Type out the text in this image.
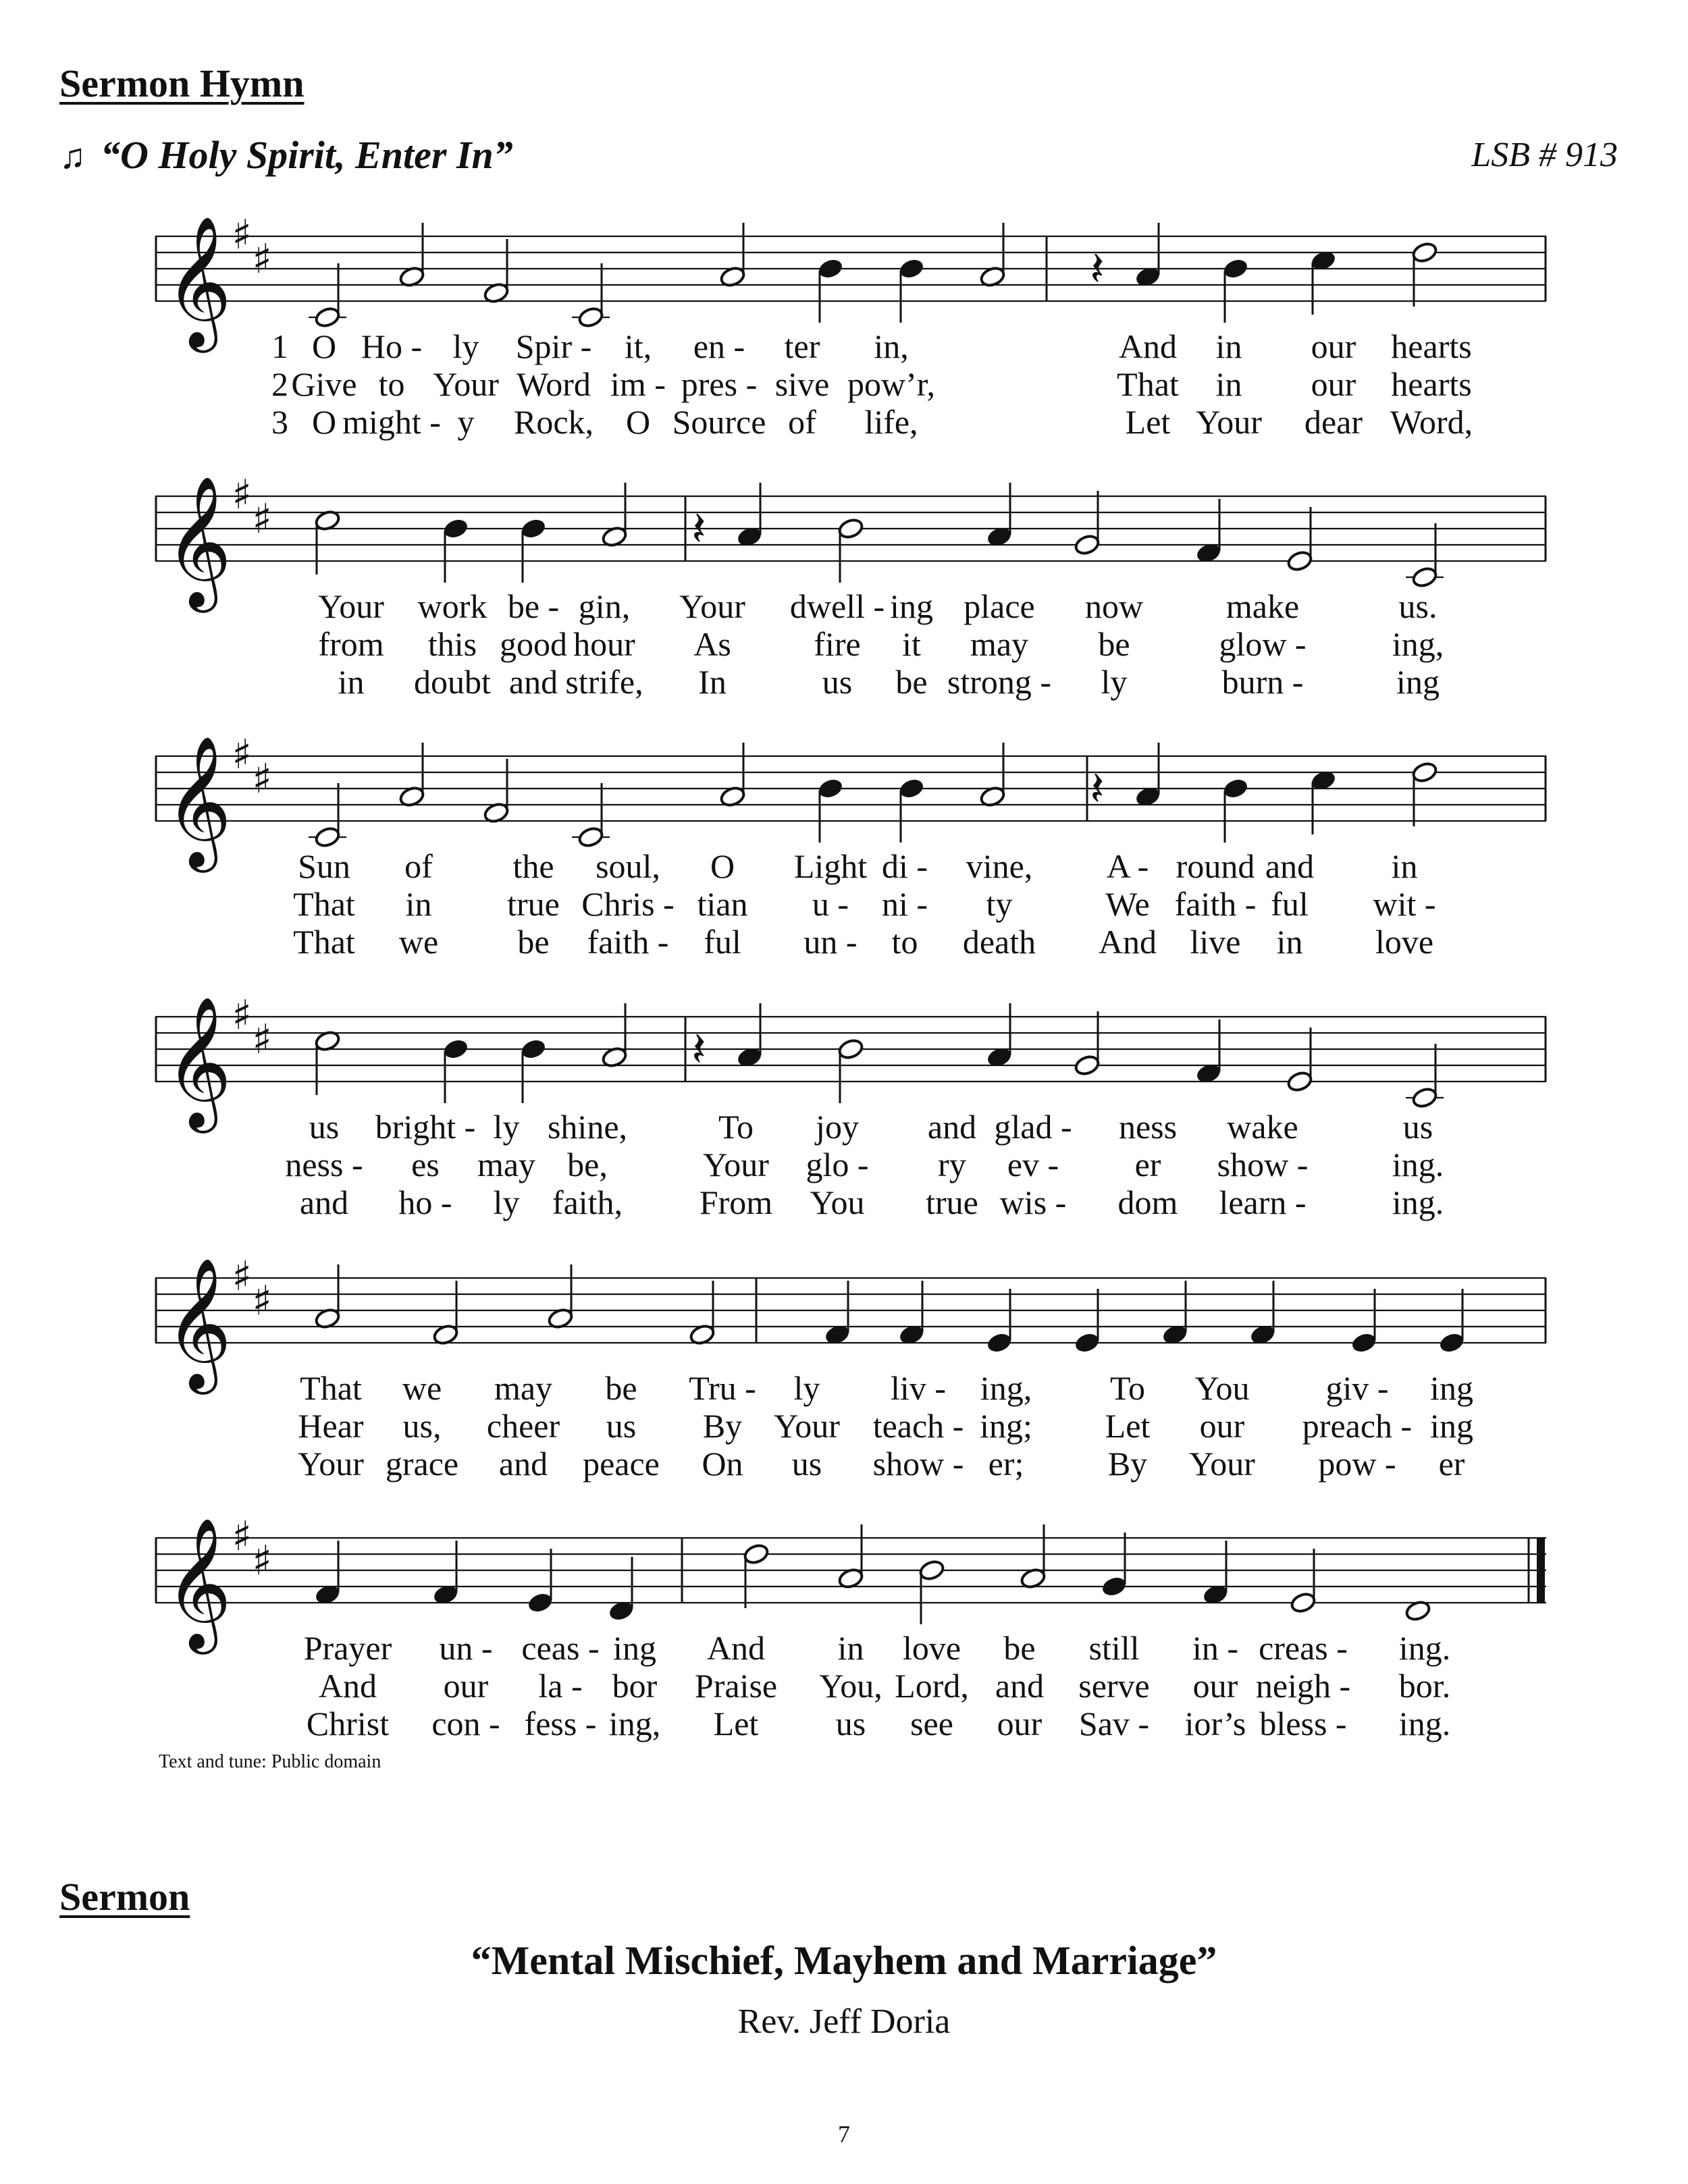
Sermon Hymn
♫ “O Holy Spirit, Enter In”	LSB # 913
𝄞 ♯
♯	𝄽
1 O Ho - ly Spir - it, en - ter in,	And in our hearts
2 Give to Your Word im - pres - sive pow’r,	That in our hearts
3 O might - y Rock, O Source of life,	Let Your dear Word,
𝄞 ♯
♯	𝄽
Your work be - gin, Your dwell - ing place now make	us.
from this good hour As fire it may be	glow -	ing,
in doubt and strife, In	us be strong - ly	burn -	ing
𝄞 ♯
♯	𝄽
Sun of the soul, O Light di - vine, A - round and in
That in true Chris - tian u - ni - ty	We faith - ful wit -
That we be faith - ful un - to death And live in love
𝄞 ♯
♯	𝄽
us bright - ly shine,	To joy and glad - ness wake	us
ness - es may be,	Your glo - ry ev - er show - ing.
and ho - ly faith, From You true wis - dom learn -	ing.
𝄞 ♯
♯
That we may be Tru - ly liv - ing, To You giv - ing
Hear us, cheer us By Your teach - ing; Let our preach - ing
Your grace and peace On us show - er; By Your pow - er
𝄞 ♯
♯
Prayer un - ceas - ing And in love be still in - creas - ing.
And our la - bor Praise You, Lord, and serve our neigh - bor.
Christ con - fess - ing, Let us see our Sav - ior’s bless - ing.
Text and tune: Public domain
Sermon
“Mental Mischief, Mayhem and Marriage”
Rev. Jeff Doria
7
